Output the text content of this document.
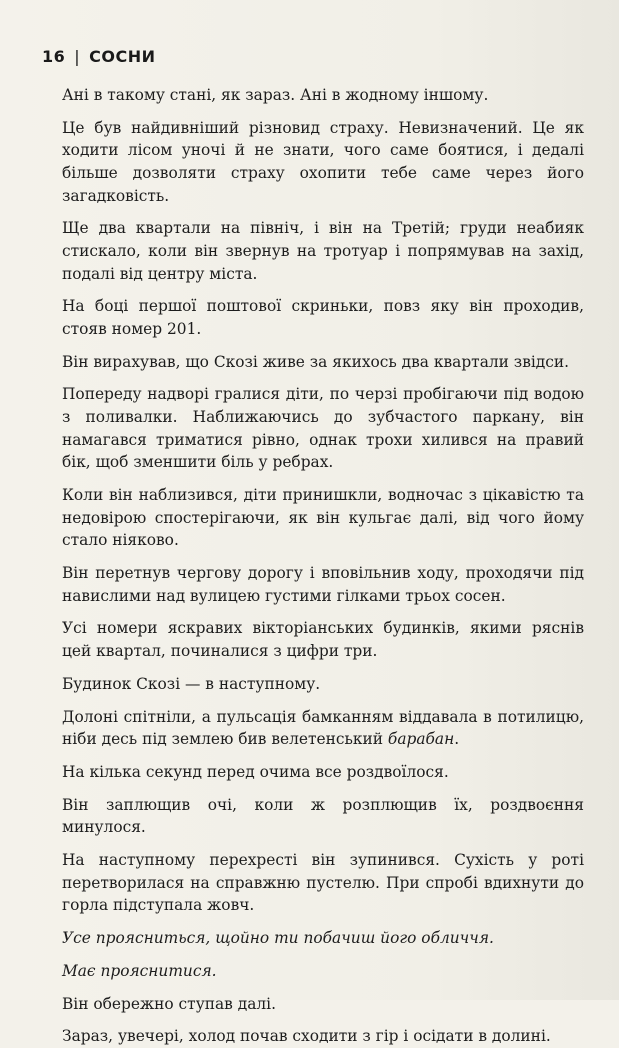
16 | СОСНИ

Ані в такому стані, як зараз. Ані в жодному іншому.

Це був найдивніший різновид страху. Невизначений. Це як ходити лісом уночі й не знати, чого саме боятися, і дедалі більше дозволяти страху охопити тебе саме через його загадковість.

Ще два квартали на північ, і він на Третій; груди неабияк стискало, коли він звернув на тротуар і попрямував на захід, подалі від центру міста.

На боці першої поштової скриньки, повз яку він проходив, стояв номер 201.

Він вирахував, що Скозі живе за якихось два квартали звідси.

Попереду надворі гралися діти, по черзі пробігаючи під водою з поливалки. Наближаючись до зубчастого паркану, він намагався триматися рівно, однак трохи хилився на правий бік, щоб зменшити біль у ребрах.

Коли він наблизився, діти принишкли, водночас з цікавістю та недовірою спостерігаючи, як він кульгає далі, від чого йому стало ніяково.

Він перетнув чергову дорогу і вповільнив ходу, проходячи під навислими над вулицею густими гілками трьох сосен.

Усі номери яскравих вікторіанських будинків, якими ряснів цей квартал, починалися з цифри три.

Будинок Скозі — в наступному.

Долоні спітніли, а пульсація бамканням віддавала в потилицю, ніби десь під землею бив велетенський барабан.

На кілька секунд перед очима все роздвоїлося.

Він заплющив очі, коли ж розплющив їх, роздвоєння минулося.

На наступному перехресті він зупинився. Сухість у роті перетворилася на справжню пустелю. При спробі вдихнути до горла підступала жовч.

Усе проясниться, щойно ти побачиш його обличчя.

Має прояснитися.

Він обережно ступав далі.

Зараз, увечері, холод почав сходити з гір і осідати в долині.
